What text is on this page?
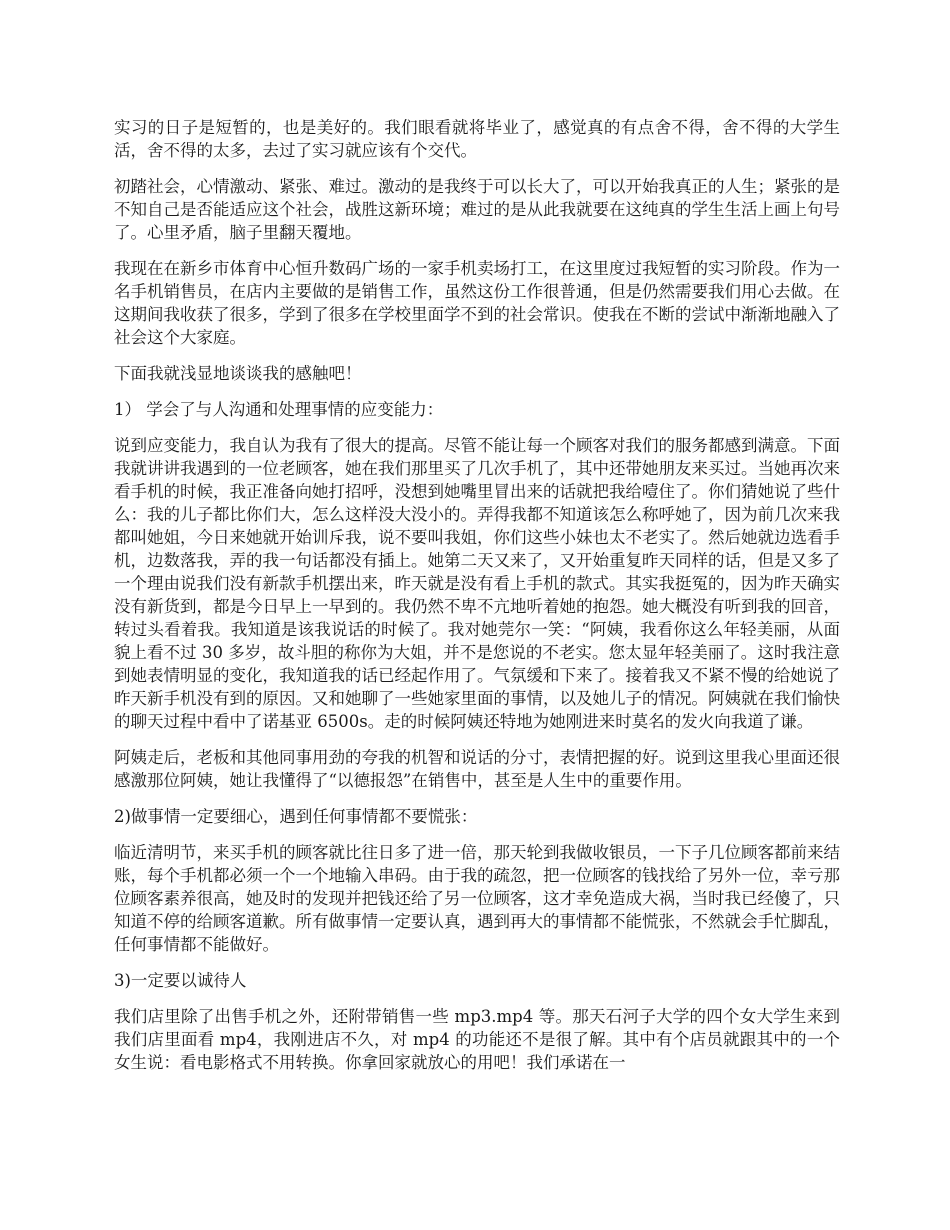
实习的日子是短暂的，也是美好的。我们眼看就将毕业了，感觉真的有点舍不得，舍不得的大学生活，舍不得的太多，去过了实习就应该有个交代。

初踏社会，心情激动、紧张、难过。激动的是我终于可以长大了，可以开始我真正的人生；紧张的是不知自己是否能适应这个社会，战胜这新环境；难过的是从此我就要在这纯真的学生生活上画上句号了。心里矛盾，脑子里翻天覆地。

我现在在新乡市体育中心恒升数码广场的一家手机卖场打工，在这里度过我短暂的实习阶段。作为一名手机销售员，在店内主要做的是销售工作，虽然这份工作很普通，但是仍然需要我们用心去做。在这期间我收获了很多，学到了很多在学校里面学不到的社会常识。使我在不断的尝试中渐渐地融入了社会这个大家庭。

下面我就浅显地谈谈我的感触吧！

1） 学会了与人沟通和处理事情的应变能力：

说到应变能力，我自认为我有了很大的提高。尽管不能让每一个顾客对我们的服务都感到满意。下面我就讲讲我遇到的一位老顾客，她在我们那里买了几次手机了，其中还带她朋友来买过。当她再次来看手机的时候，我正准备向她打招呼，没想到她嘴里冒出来的话就把我给噎住了。你们猜她说了些什么：我的儿子都比你们大，怎么这样没大没小的。弄得我都不知道该怎么称呼她了，因为前几次来我都叫她姐，今日来她就开始训斥我，说不要叫我姐，你们这些小妹也太不老实了。然后她就边选看手机，边数落我，弄的我一句话都没有插上。她第二天又来了，又开始重复昨天同样的话，但是又多了一个理由说我们没有新款手机摆出来，昨天就是没有看上手机的款式。其实我挺冤的，因为昨天确实没有新货到，都是今日早上一早到的。我仍然不卑不亢地听着她的抱怨。她大概没有听到我的回音，转过头看着我。我知道是该我说话的时候了。我对她莞尔一笑：“阿姨，我看你这么年轻美丽，从面貌上看不过 30 多岁，故斗胆的称你为大姐，并不是您说的不老实。您太显年轻美丽了。这时我注意到她表情明显的变化，我知道我的话已经起作用了。气氛缓和下来了。接着我又不紧不慢的给她说了昨天新手机没有到的原因。又和她聊了一些她家里面的事情，以及她儿子的情况。阿姨就在我们愉快的聊天过程中看中了诺基亚 6500s。走的时候阿姨还特地为她刚进来时莫名的发火向我道了谦。

阿姨走后，老板和其他同事用劲的夸我的机智和说话的分寸，表情把握的好。说到这里我心里面还很感激那位阿姨，她让我懂得了“以德报怨”在销售中，甚至是人生中的重要作用。

2)做事情一定要细心，遇到任何事情都不要慌张：

临近清明节，来买手机的顾客就比往日多了进一倍，那天轮到我做收银员，一下子几位顾客都前来结账，每个手机都必须一个一个地输入串码。由于我的疏忽，把一位顾客的钱找给了另外一位，幸亏那位顾客素养很高，她及时的发现并把钱还给了另一位顾客，这才幸免造成大祸，当时我已经傻了，只知道不停的给顾客道歉。所有做事情一定要认真，遇到再大的事情都不能慌张，不然就会手忙脚乱，任何事情都不能做好。

3)一定要以诚待人

我们店里除了出售手机之外，还附带销售一些 mp3.mp4 等。那天石河子大学的四个女大学生来到我们店里面看 mp4，我刚进店不久，对 mp4 的功能还不是很了解。其中有个店员就跟其中的一个女生说：看电影格式不用转换。你拿回家就放心的用吧！我们承诺在一
